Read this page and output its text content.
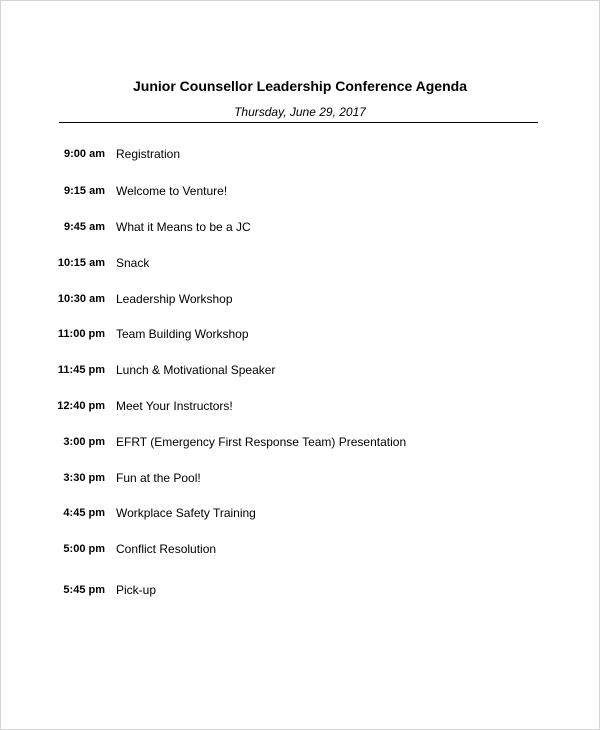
Junior Counsellor Leadership Conference Agenda
Thursday, June 29, 2017
9:00 am Registration
9:15 am Welcome to Venture!
9:45 am What it Means to be a JC
10:15 am Snack
10:30 am Leadership Workshop
11:00 pm Team Building Workshop
11:45 pm Lunch & Motivational Speaker
12:40 pm Meet Your Instructors!
3:00 pm EFRT (Emergency First Response Team) Presentation
3:30 pm Fun at the Pool!
4:45 pm Workplace Safety Training
5:00 pm Conflict Resolution
5:45 pm Pick-up
